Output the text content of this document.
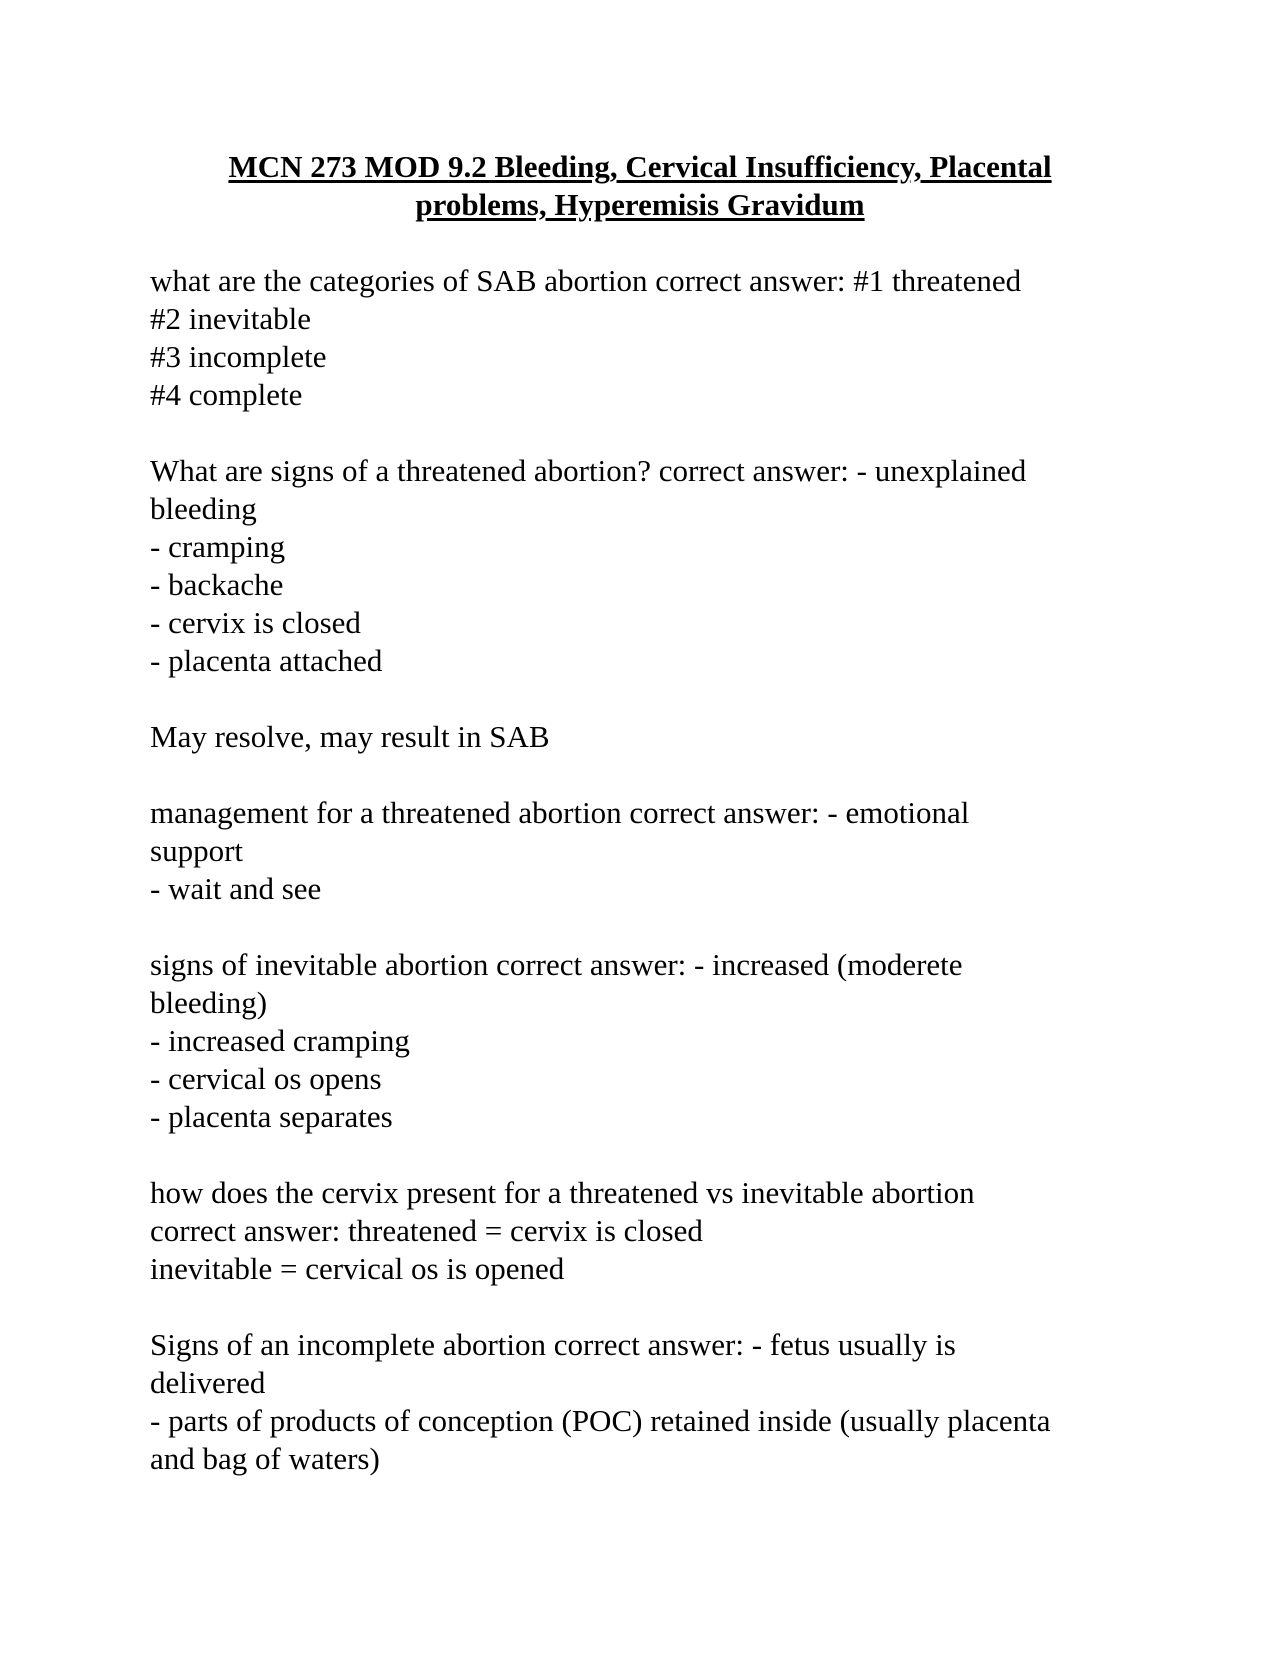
MCN 273 MOD 9.2 Bleeding, Cervical Insufficiency, Placental
problems, Hyperemisis Gravidum
what are the categories of SAB abortion correct answer: #1 threatened
#2 inevitable
#3 incomplete
#4 complete
What are signs of a threatened abortion? correct answer: - unexplained
bleeding
- cramping
- backache
- cervix is closed
- placenta attached
May resolve, may result in SAB
management for a threatened abortion correct answer: - emotional
support
- wait and see
signs of inevitable abortion correct answer: - increased (moderete
bleeding)
- increased cramping
- cervical os opens
- placenta separates
how does the cervix present for a threatened vs inevitable abortion
correct answer: threatened = cervix is closed
inevitable = cervical os is opened
Signs of an incomplete abortion correct answer: - fetus usually is
delivered
- parts of products of conception (POC) retained inside (usually placenta
and bag of waters)
